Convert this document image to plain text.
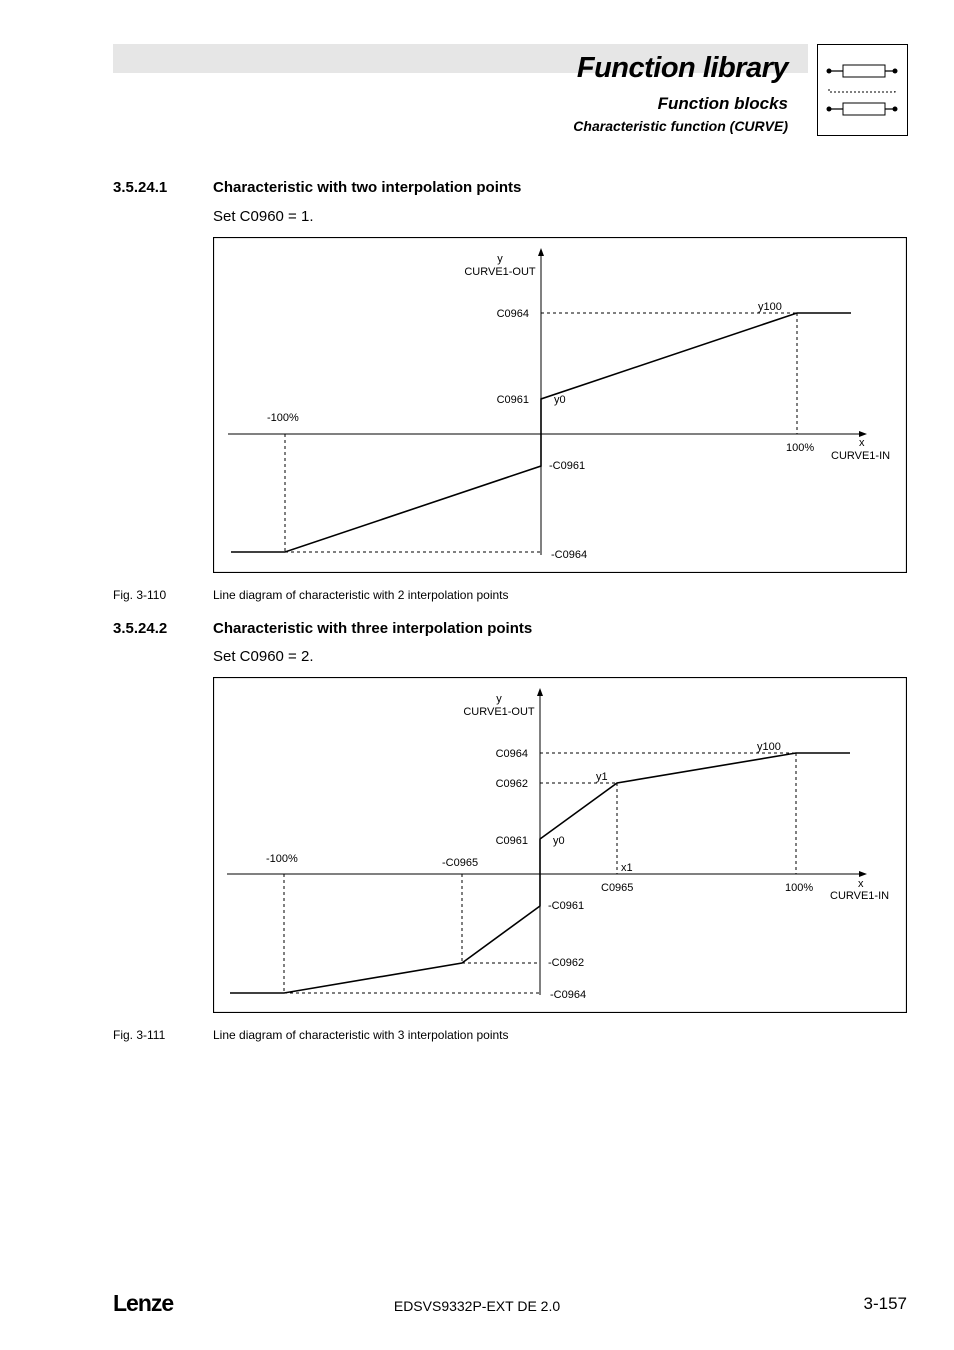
Function library
Function blocks
Characteristic function (CURVE)
3.5.24.1	Characteristic with two interpolation points
Set C0960 = 1.
y
CURVE1-OUT
C0964
y100
C0961 y0
-100%
100%	x
CURVE1-IN
-C0961
-C0964
Fig. 3-110	Line diagram of characteristic with 2 interpolation points
3.5.24.2	Characteristic with three interpolation points
Set C0960 = 2.
y
CURVE1-OUT
C0964
y100
C0962
y1
C0961 y0
-100%	-C0965	x1
C0965	100%	x
CURVE1-IN
-C0961
-C0962
-C0964
Fig. 3-111	Line diagram of characteristic with 3 interpolation points
Lenze	EDSVS9332P-EXT DE 2.0	3-157
